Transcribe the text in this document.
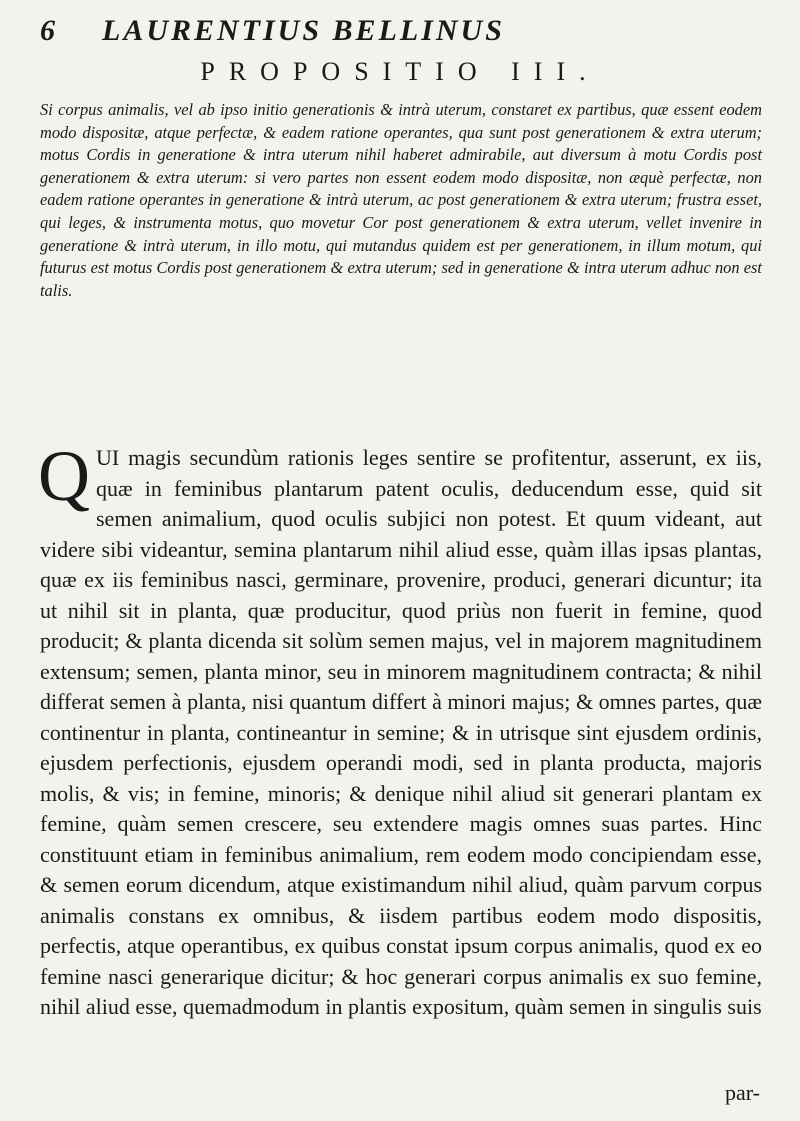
6 LAURENTIUS BELLINUS
PROPOSITIO III.

Si corpus animalis, vel ab ipso initio generationis & intrà uterum, constaret ex partibus, quæ essent eodem modo dispositæ, atque perfectæ, & eadem ratione operantes, qua sunt post generationem & extra uterum; motus Cordis in generatione & intra uterum nihil haberet admirabile, aut diversum à motu Cordis post generationem & extra uterum: si vero partes non essent eodem modo dispositæ, non æquè perfectæ, non eadem ratione operantes in generatione & intrà uterum, ac post generationem & extra uterum; frustra esset, qui leges, & instrumenta motus, quo movetur Cor post generationem & extra uterum, vellet invenire in generatione & intrà uterum, in illo motu, qui mutandus quidem est per generationem, in illum motum, qui futurus est motus Cordis post generationem & extra uterum; sed in generatione & intra uterum adhuc non est talis.

QUI magis secundùm rationis leges sentire se profitentur, asserunt, ex iis, quæ in feminibus plantarum patent oculis, deducendum esse, quid sit semen animalium, quod oculis subjici non potest. Et quum videant, aut videre sibi videantur, semina plantarum nihil aliud esse, quàm illas ipsas plantas, quæ ex iis feminibus nasci, germinare, provenire, produci, generari dicuntur; ita ut nihil sit in planta, quæ producitur, quod priùs non fuerit in femine, quod producit; & planta dicenda sit solùm semen majus, vel in majorem magnitudinem extensum; semen, planta minor, seu in minorem magnitudinem contracta; & nihil differat semen à planta, nisi quantum differt à minori majus; & omnes partes, quæ continentur in planta, contineantur in semine; & in utrisque sint ejusdem ordinis, ejusdem perfectionis, ejusdem operandi modi, sed in planta producta, majoris molis, & vis; in femine, minoris; & denique nihil aliud sit generari plantam ex femine, quàm semen crescere, seu extendere magis omnes suas partes. Hinc constituunt etiam in feminibus animalium, rem eodem modo concipiendam esse, & semen eorum dicendum, atque existimandum nihil aliud, quàm parvum corpus animalis constans ex omnibus, & iisdem partibus eodem modo dispositis, perfectis, atque operantibus, ex quibus constat ipsum corpus animalis, quod ex eo femine nasci generarique dicitur; & hoc generari corpus animalis ex suo femine, nihil aliud esse, quemadmodum in plantis expositum, quàm semen in singulis suis

par-
